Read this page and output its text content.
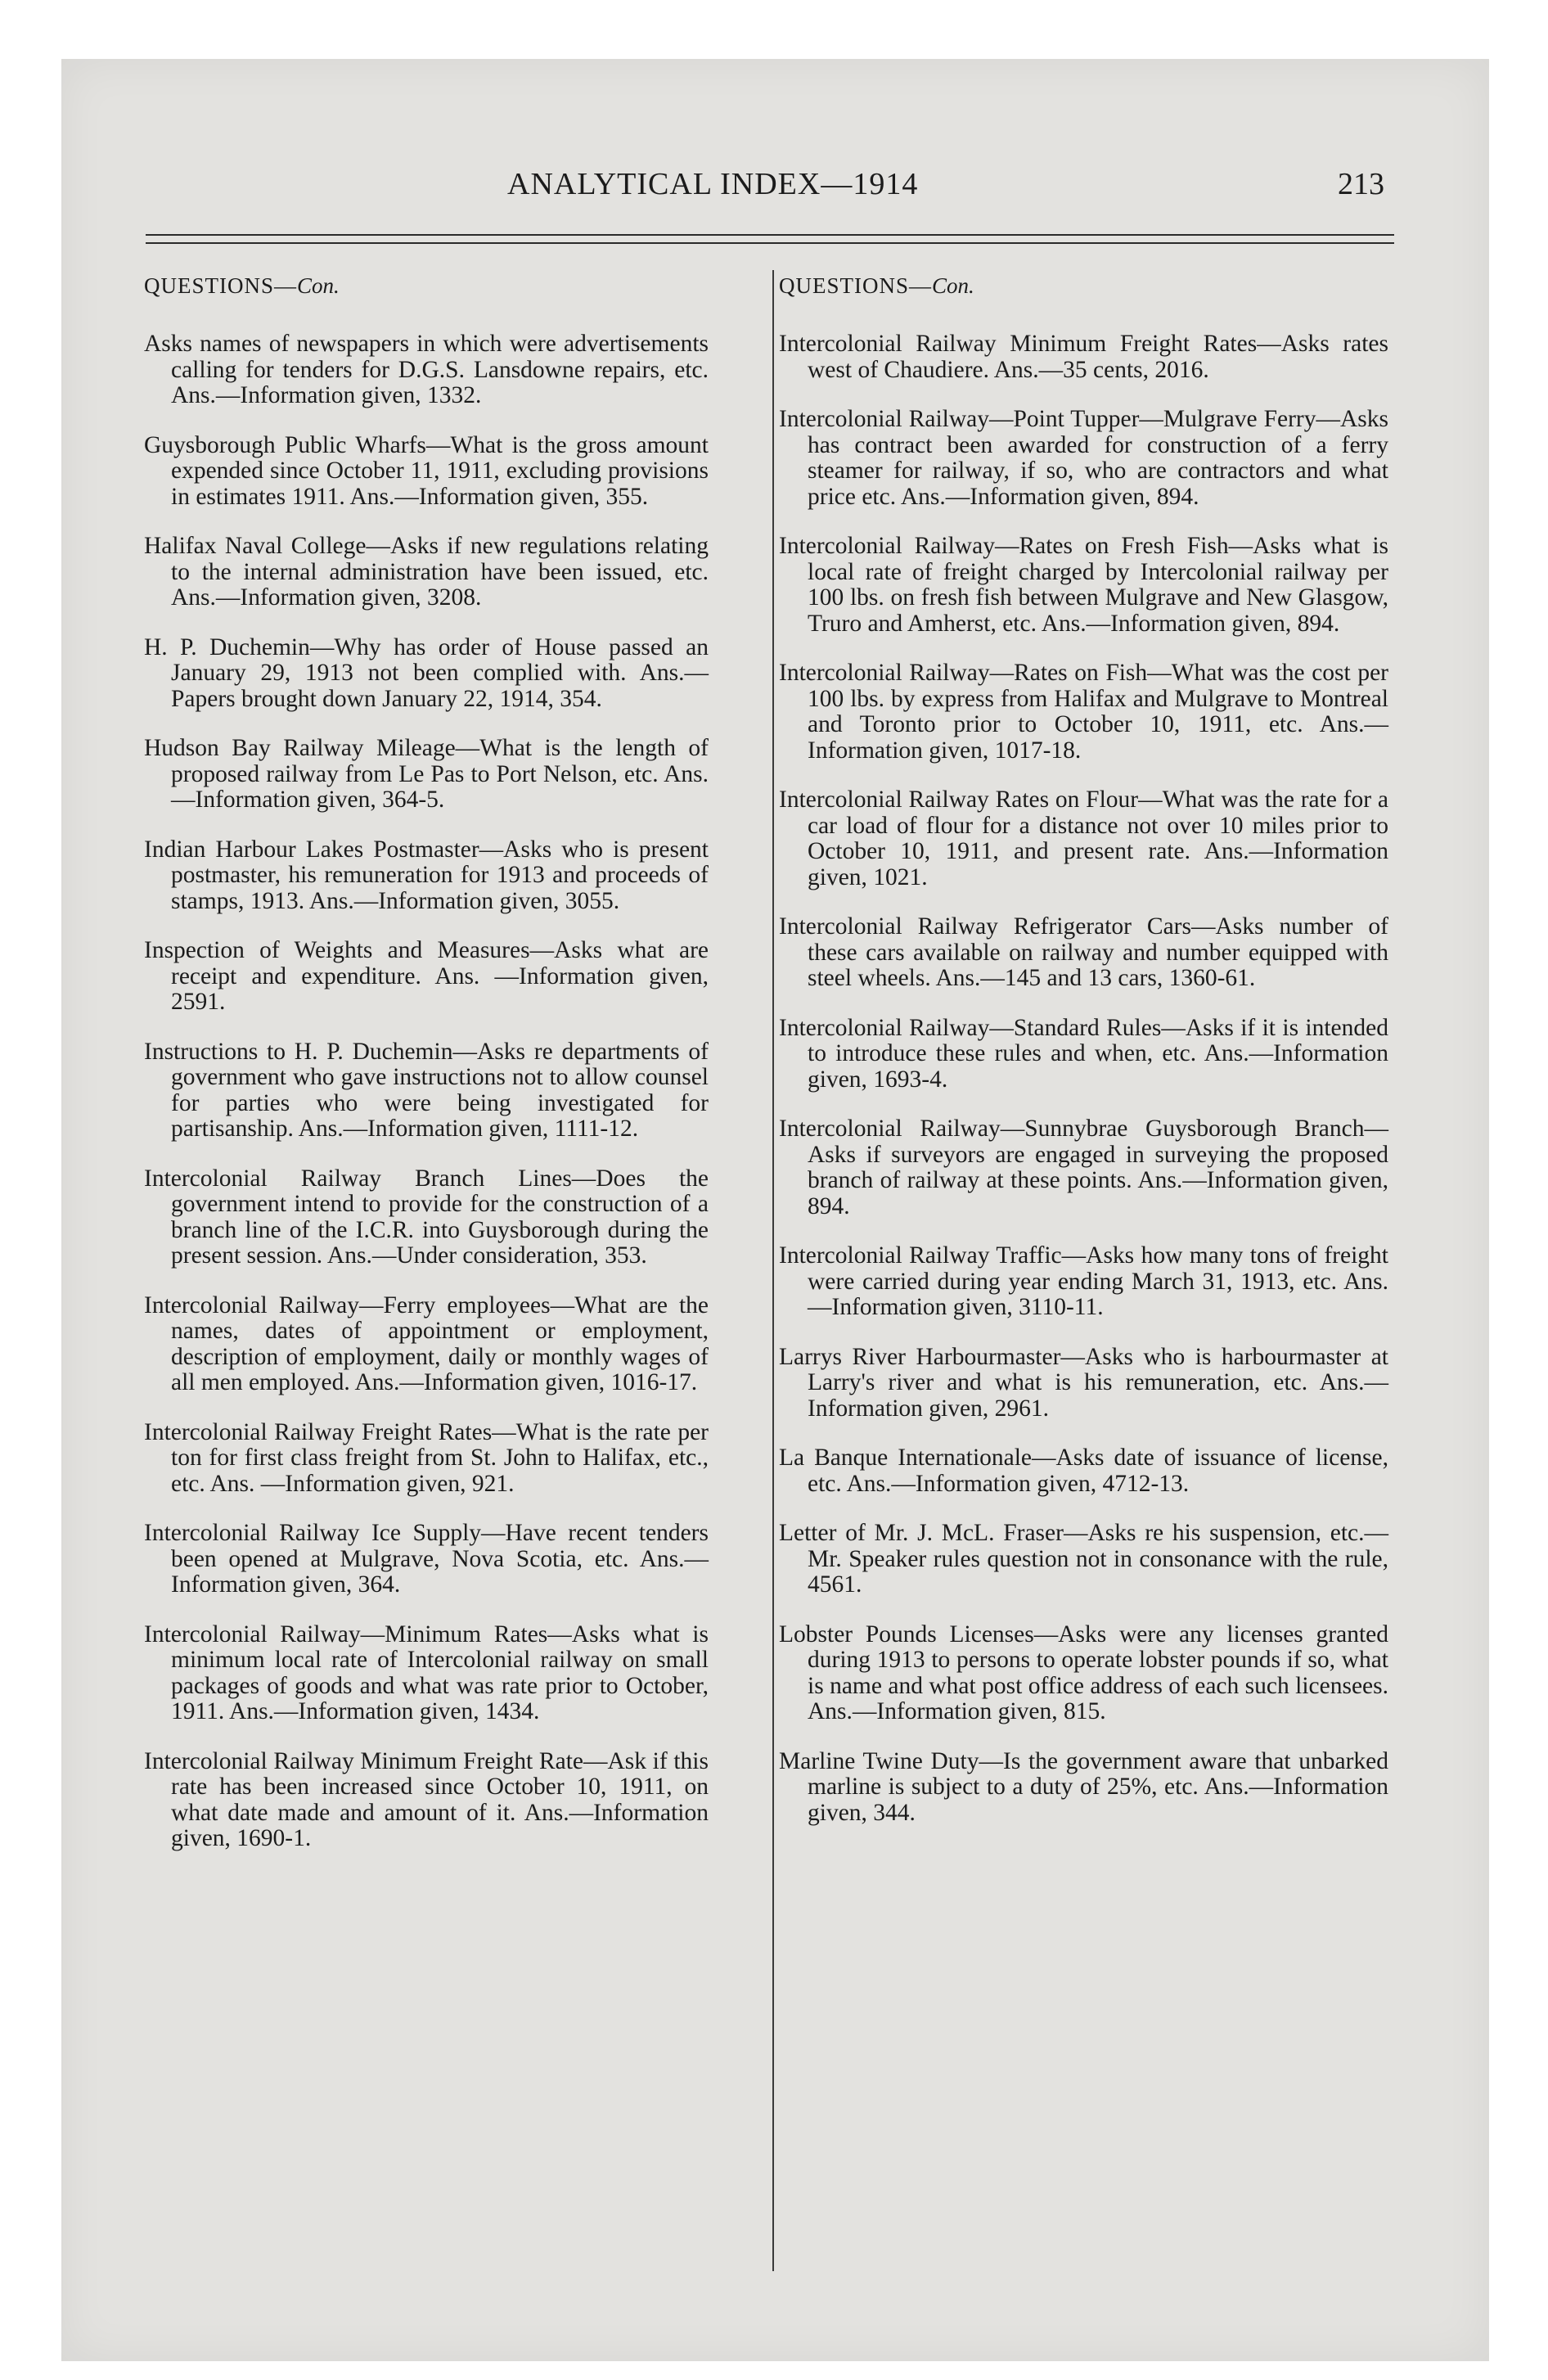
ANALYTICAL INDEX—1914	213
QUESTIONS—Con.

Asks names of newspapers in which were advertisements calling for tenders for D.G.S. Lansdowne repairs, etc. Ans.—Information given, 1332.

Guysborough Public Wharfs—What is the gross amount expended since October 11, 1911, excluding provisions in estimates 1911. Ans.—Information given, 355.

Halifax Naval College—Asks if new regulations relating to the internal administration have been issued, etc. Ans.—Information given, 3208.

H. P. Duchemin—Why has order of House passed an January 29, 1913 not been complied with. Ans.—Papers brought down January 22, 1914, 354.

Hudson Bay Railway Mileage—What is the length of proposed railway from Le Pas to Port Nelson, etc. Ans.—Information given, 364-5.

Indian Harbour Lakes Postmaster—Asks who is present postmaster, his remuneration for 1913 and proceeds of stamps, 1913. Ans.—Information given, 3055.

Inspection of Weights and Measures—Asks what are receipt and expenditure. Ans. —Information given, 2591.

Instructions to H. P. Duchemin—Asks re departments of government who gave instructions not to allow counsel for parties who were being investigated for partisanship. Ans.—Information given, 1111-12.

Intercolonial Railway Branch Lines—Does the government intend to provide for the construction of a branch line of the I.C.R. into Guysborough during the present session. Ans.—Under consideration, 353.

Intercolonial Railway—Ferry employees—What are the names, dates of appointment or employment, description of employment, daily or monthly wages of all men employed. Ans.—Information given, 1016-17.

Intercolonial Railway Freight Rates—What is the rate per ton for first class freight from St. John to Halifax, etc., etc. Ans. —Information given, 921.

Intercolonial Railway Ice Supply—Have recent tenders been opened at Mulgrave, Nova Scotia, etc. Ans.—Information given, 364.

Intercolonial Railway—Minimum Rates—Asks what is minimum local rate of Intercolonial railway on small packages of goods and what was rate prior to October, 1911. Ans.—Information given, 1434.

Intercolonial Railway Minimum Freight Rate—Ask if this rate has been increased since October 10, 1911, on what date made and amount of it. Ans.—Information given, 1690-1.

QUESTIONS—Con.

Intercolonial Railway Minimum Freight Rates—Asks rates west of Chaudiere. Ans.—35 cents, 2016.

Intercolonial Railway—Point Tupper—Mulgrave Ferry—Asks has contract been awarded for construction of a ferry steamer for railway, if so, who are contractors and what price etc. Ans.—Information given, 894.

Intercolonial Railway—Rates on Fresh Fish—Asks what is local rate of freight charged by Intercolonial railway per 100 lbs. on fresh fish between Mulgrave and New Glasgow, Truro and Amherst, etc. Ans.—Information given, 894.

Intercolonial Railway—Rates on Fish—What was the cost per 100 lbs. by express from Halifax and Mulgrave to Montreal and Toronto prior to October 10, 1911, etc. Ans.—Information given, 1017-18.

Intercolonial Railway Rates on Flour—What was the rate for a car load of flour for a distance not over 10 miles prior to October 10, 1911, and present rate. Ans.—Information given, 1021.

Intercolonial Railway Refrigerator Cars—Asks number of these cars available on railway and number equipped with steel wheels. Ans.—145 and 13 cars, 1360-61.

Intercolonial Railway—Standard Rules—Asks if it is intended to introduce these rules and when, etc. Ans.—Information given, 1693-4.

Intercolonial Railway—Sunnybrae Guysborough Branch—Asks if surveyors are engaged in surveying the proposed branch of railway at these points. Ans.—Information given, 894.

Intercolonial Railway Traffic—Asks how many tons of freight were carried during year ending March 31, 1913, etc. Ans.—Information given, 3110-11.

Larrys River Harbourmaster—Asks who is harbourmaster at Larry's river and what is his remuneration, etc. Ans.—Information given, 2961.

La Banque Internationale—Asks date of issuance of license, etc. Ans.—Information given, 4712-13.

Letter of Mr. J. McL. Fraser—Asks re his suspension, etc.—Mr. Speaker rules question not in consonance with the rule, 4561.

Lobster Pounds Licenses—Asks were any licenses granted during 1913 to persons to operate lobster pounds if so, what is name and what post office address of each such licensees. Ans.—Information given, 815.

Marline Twine Duty—Is the government aware that unbarked marline is subject to a duty of 25%, etc. Ans.—Information given, 344.
